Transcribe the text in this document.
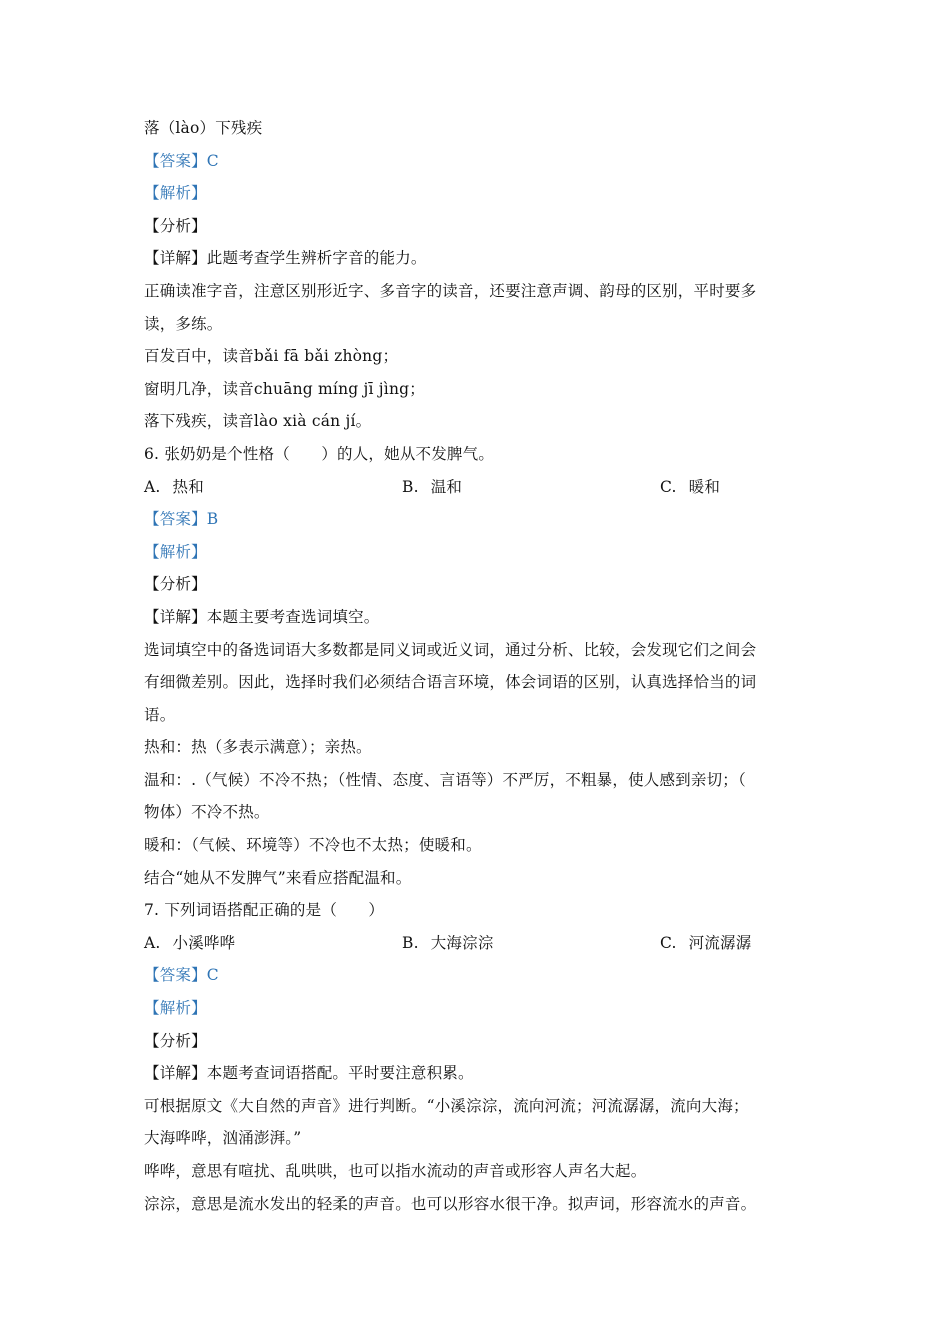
落（lào）下残疾
【答案】C
【解析】
【分析】
【详解】此题考查学生辨析字音的能力。
正确读准字音，注意区别形近字、多音字的读音，还要注意声调、韵母的区别，平时要多
读，多练。
百发百中，读音bǎi fā bǎi zhòng；
窗明几净，读音chuāng míng jī jìng；
落下残疾，读音lào xià cán jí。
6. 张奶奶是个性格（　　）的人，她从不发脾气。
A. 热和	B. 温和	C. 暖和
【答案】B
【解析】
【分析】
【详解】本题主要考查选词填空。
选词填空中的备选词语大多数都是同义词或近义词，通过分析、比较，会发现它们之间会
有细微差别。因此，选择时我们必须结合语言环境，体会词语的区别，认真选择恰当的词
语。
热和：热（多表示满意）；亲热。
温和：.（气候）不冷不热；（性情、态度、言语等）不严厉，不粗暴，使人感到亲切；（
物体）不冷不热。
暖和：（气候、环境等）不冷也不太热；使暖和。
结合“她从不发脾气”来看应搭配温和。
7. 下列词语搭配正确的是（　　）
A. 小溪哗哗	B. 大海淙淙	C. 河流潺潺
【答案】C
【解析】
【分析】
【详解】本题考查词语搭配。平时要注意积累。
可根据原文《大自然的声音》进行判断。“小溪淙淙，流向河流；河流潺潺，流向大海；
大海哗哗，汹涌澎湃。”
哗哗，意思有喧扰、乱哄哄，也可以指水流动的声音或形容人声名大起。
淙淙，意思是流水发出的轻柔的声音。也可以形容水很干净。拟声词，形容流水的声音。
